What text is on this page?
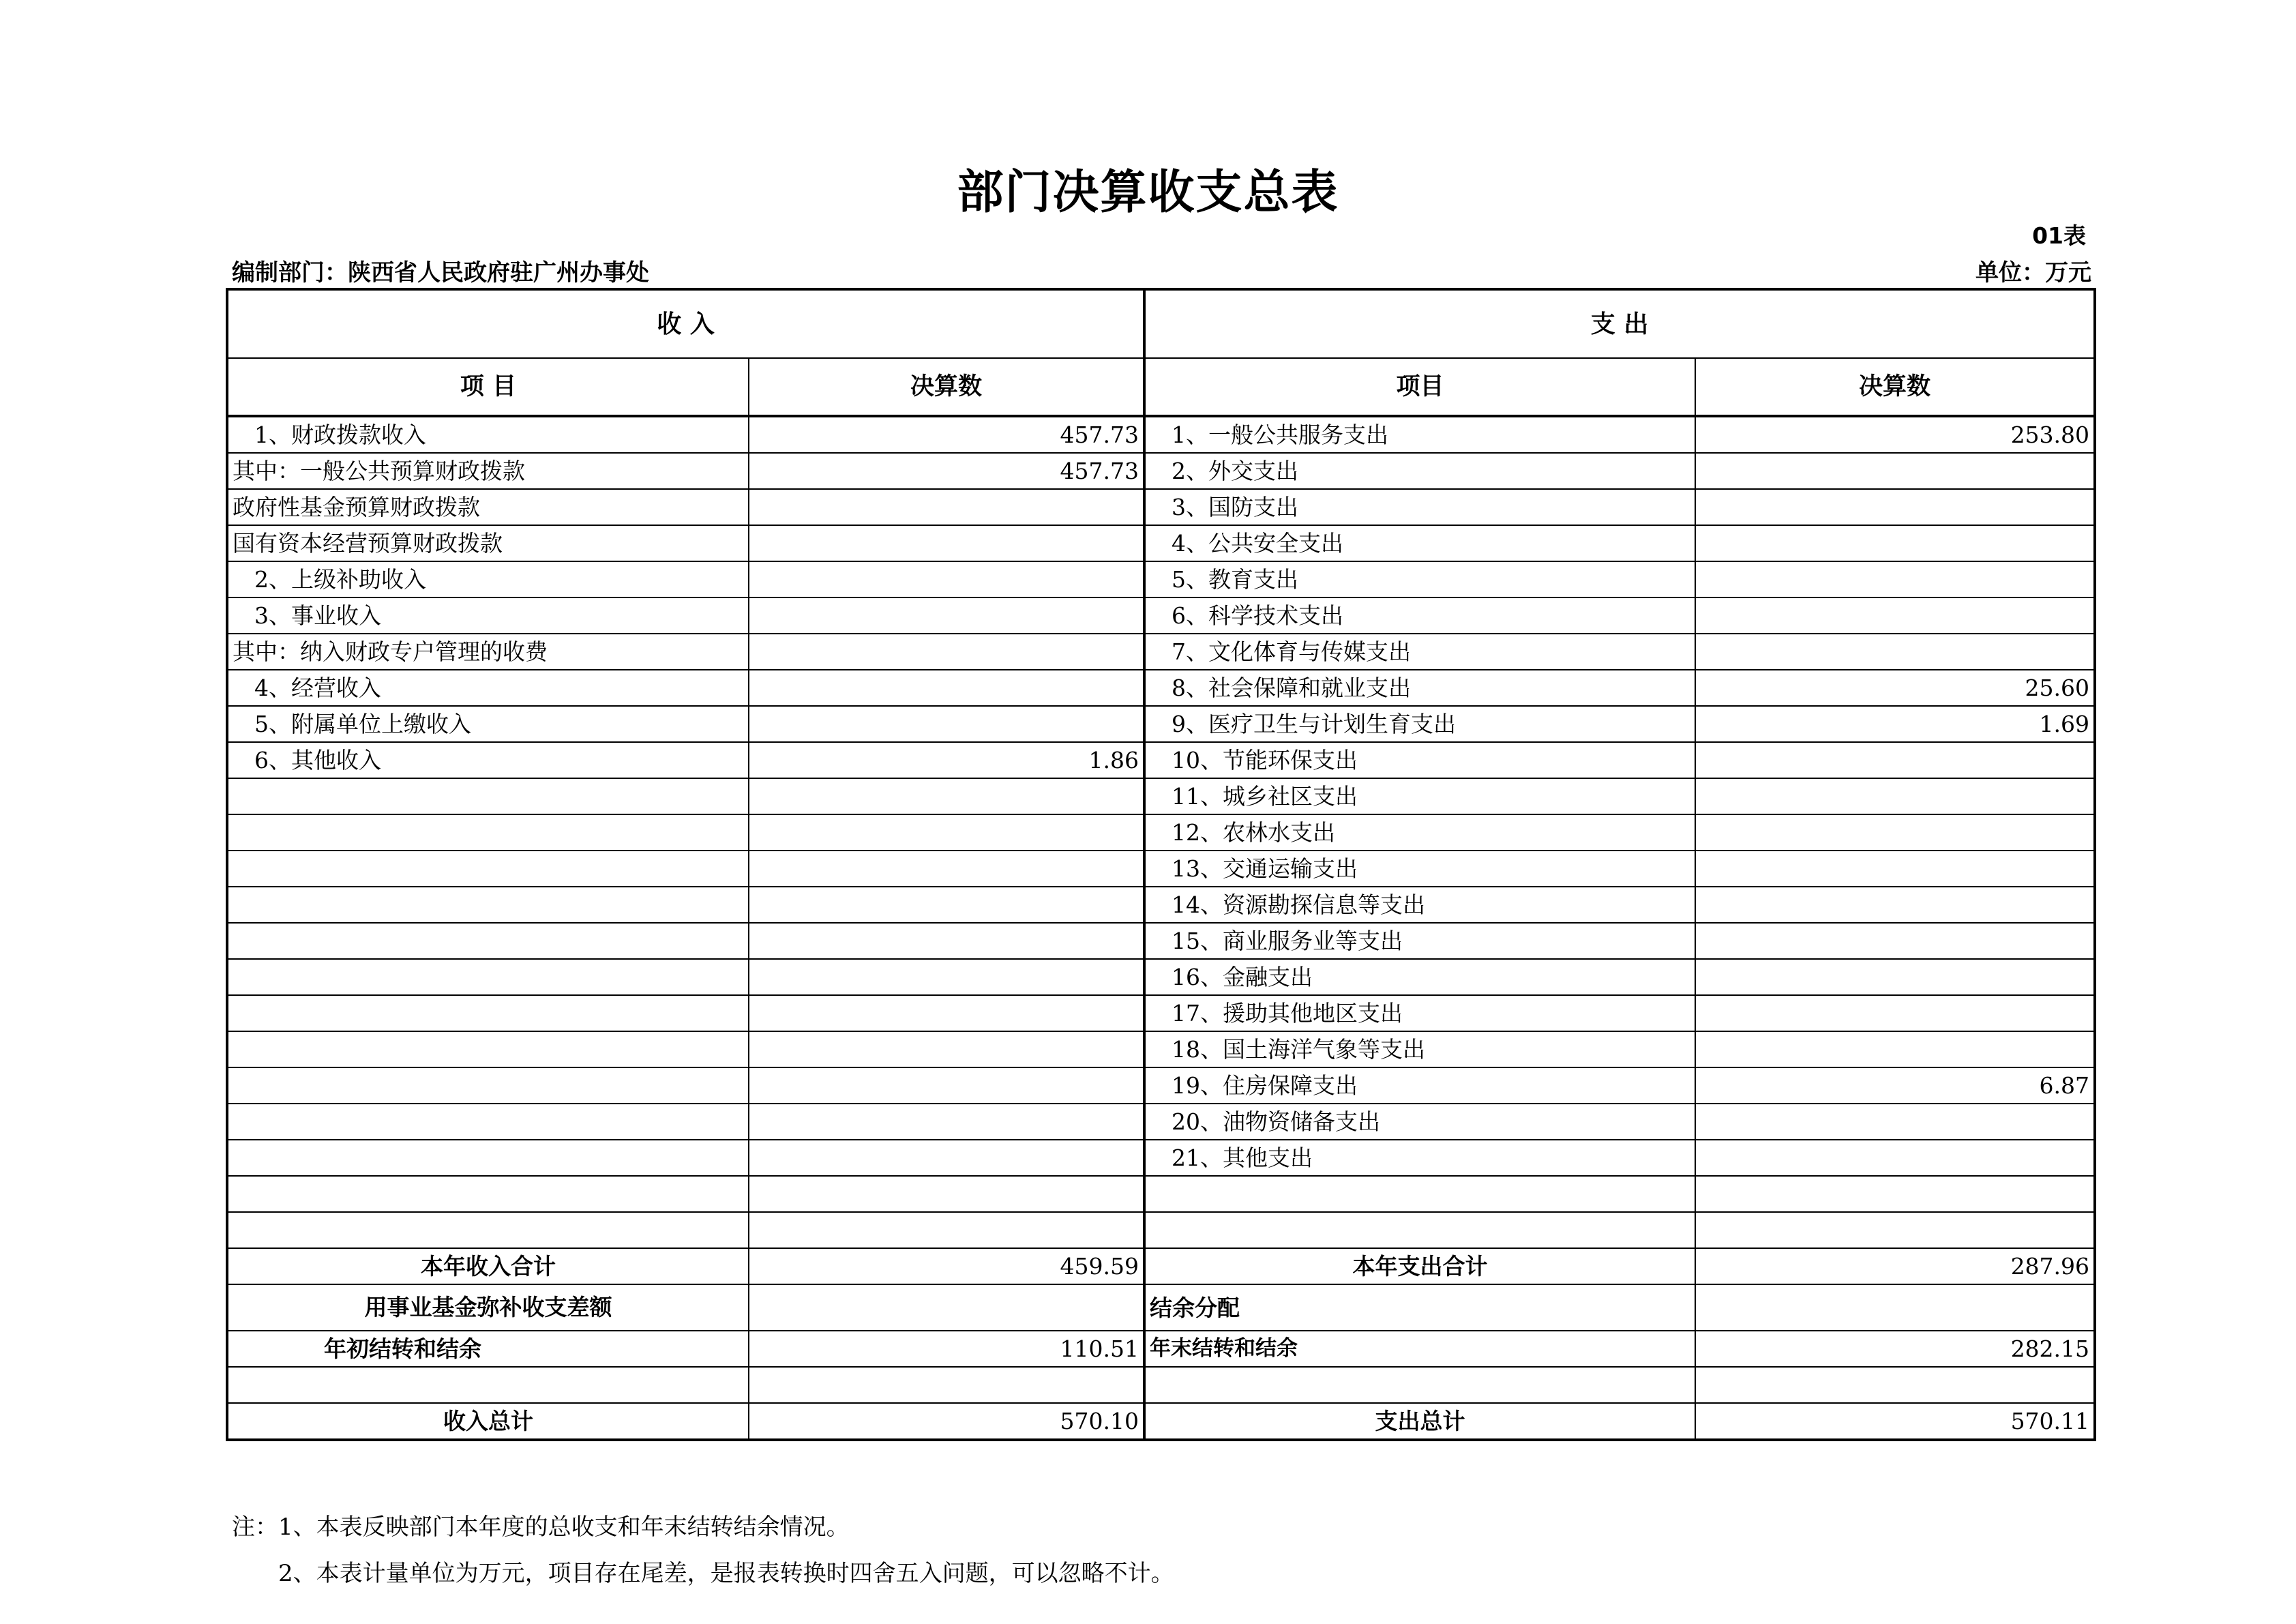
部门决算收支总表
01表
编制部门：陕西省人民政府驻广州办事处	单位：万元
收 入		支 出	
项 目	决算数	项目	决算数
1、财政拨款收入	457.73	1、一般公共服务支出	253.80
其中：一般公共预算财政拨款	457.73	2、外交支出	
政府性基金预算财政拨款		3、国防支出	
国有资本经营预算财政拨款		4、公共安全支出	
2、上级补助收入		5、教育支出	
3、事业收入		6、科学技术支出	
其中：纳入财政专户管理的收费		7、文化体育与传媒支出	
4、经营收入		8、社会保障和就业支出	25.60
5、附属单位上缴收入		9、医疗卫生与计划生育支出	1.69
6、其他收入	1.86	10、节能环保支出	
		11、城乡社区支出	
		12、农林水支出	
		13、交通运输支出	
		14、资源勘探信息等支出	
		15、商业服务业等支出	
		16、金融支出	
		17、援助其他地区支出	
		18、国土海洋气象等支出	
		19、住房保障支出	6.87
		20、油物资储备支出	
		21、其他支出	

本年收入合计	459.59	本年支出合计	287.96
用事业基金弥补收支差额		结余分配	
年初结转和结余	110.51	年末结转和结余	282.15

收入总计	570.10	支出总计	570.11
注：1、本表反映部门本年度的总收支和年末结转结余情况。
2、本表计量单位为万元，项目存在尾差，是报表转换时四舍五入问题，可以忽略不计。
